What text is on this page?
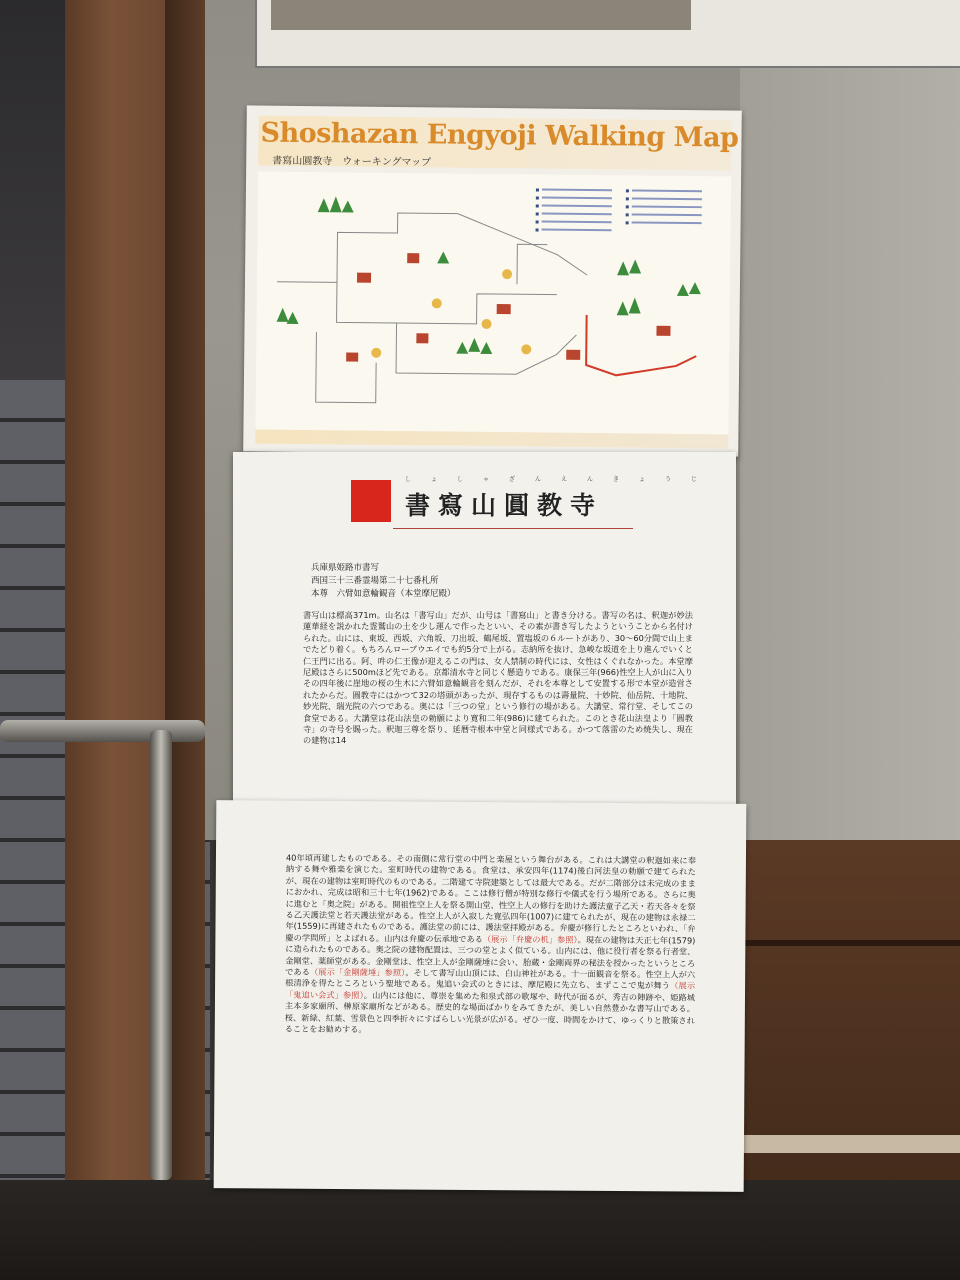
Shoshazan Engyoji Walking Map
書寫山圓教寺　ウォーキングマップ
しょしゃざんえんきょうじ
書寫山圓教寺
兵庫県姫路市書写
西国三十三番霊場第二十七番札所
本尊　六臂如意輪観音（本堂摩尼殿）
書写山は標高371m。山名は「書写山」だが、山号は「書寫山」と書き分ける。書写の名は、釈迦が妙法蓮華経を説かれた霊鷲山の土を少し運んで作ったといい、その素が書き写したようということから名付けられた。山には、東坂、西坂、六角坂、刀出坂、鶴尾坂、置塩坂の６ルートがあり、30〜60分間で山上までたどり着く。もちろんロープウエイでも約5分で上がる。志納所を抜け、急峻な坂道を上り進んでいくと仁王門に出る。阿、吽の仁王像が迎えるこの門は、女人禁制の時代には、女性はくぐれなかった。本堂摩尼殿はさらに500mほど先である。京都清水寺と同じく懸造りである。康保三年(966)性空上人が山に入りその四年後に崖地の桜の生木に六臂如意輪観音を刻んだが、それを本尊として安置する形で本堂が造営されたからだ。圓教寺にはかつて32の塔頭があったが、現存するものは壽量院、十妙院、仙岳院、十地院、妙光院、瑞光院の六つである。奥には「三つの堂」という修行の場がある。大講堂、常行堂、そしてこの食堂である。大講堂は花山法皇の勅願により寛和二年(986)に建てられた。このとき花山法皇より「圓教寺」の寺号を賜った。釈迦三尊を祭り、延暦寺根本中堂と同様式である。かつて落雷のため焼失し、現在の建物は14
40年頃再建したものである。その南側に常行堂の中門と楽屋という舞台がある。これは大講堂の釈迦如来に奉納する舞や雅楽を演じた。室町時代の建物である。食堂は、承安四年(1174)後白河法皇の勅願で建てられたが、現在の建物は室町時代のものである。二階建て寺院建築としては最大である。だが二階部分は未完成のままにおかれ、完成は昭和三十七年(1962)である。ここは修行僧が特別な修行や儀式を行う場所である。さらに奥に進むと「奥之院」がある。開祖性空上人を祭る開山堂、性空上人の修行を助けた護法童子乙天・若天各々を祭る乙天護法堂と若天護法堂がある。性空上人が入寂した寛弘四年(1007)に建てられたが、現在の建物は永禄二年(1559)に再建されたものである。護法堂の前には、護法堂拝殿がある。弁慶が修行したところといわれ、「弁慶の学問所」とよばれる。山内は弁慶の伝承地である（展示「弁慶の机」参照）。現在の建物は天正七年(1579)に造られたものである。奥之院の建物配置は、三つの堂とよく似ている。山内には、他に役行者を祭る行者堂、金剛堂、薬師堂がある。金剛堂は、性空上人が金剛薩埵に会い、胎蔵・金剛両界の秘法を授かったというところである（展示「金剛薩埵」参照）。そして書写山山頂には、白山神社がある。十一面観音を祭る。性空上人が六根清浄を得たところという聖地である。鬼追い会式のときには、摩尼殿に先立ち、まずここで鬼が舞う（展示「鬼追い会式」参照）。山内には他に、尊崇を集めた和泉式部の歌塚や、時代が面るが、秀吉の陣跡や、姫路城主本多家廟所、榊原家廟所などがある。歴史的な場面ばかりをみてきたが、美しい自然豊かな書写山である。桜、新緑、紅葉、雪景色と四季折々にすばらしい光景が広がる。ぜひ一度、時間をかけて、ゆっくりと散策されることをお勧めする。
